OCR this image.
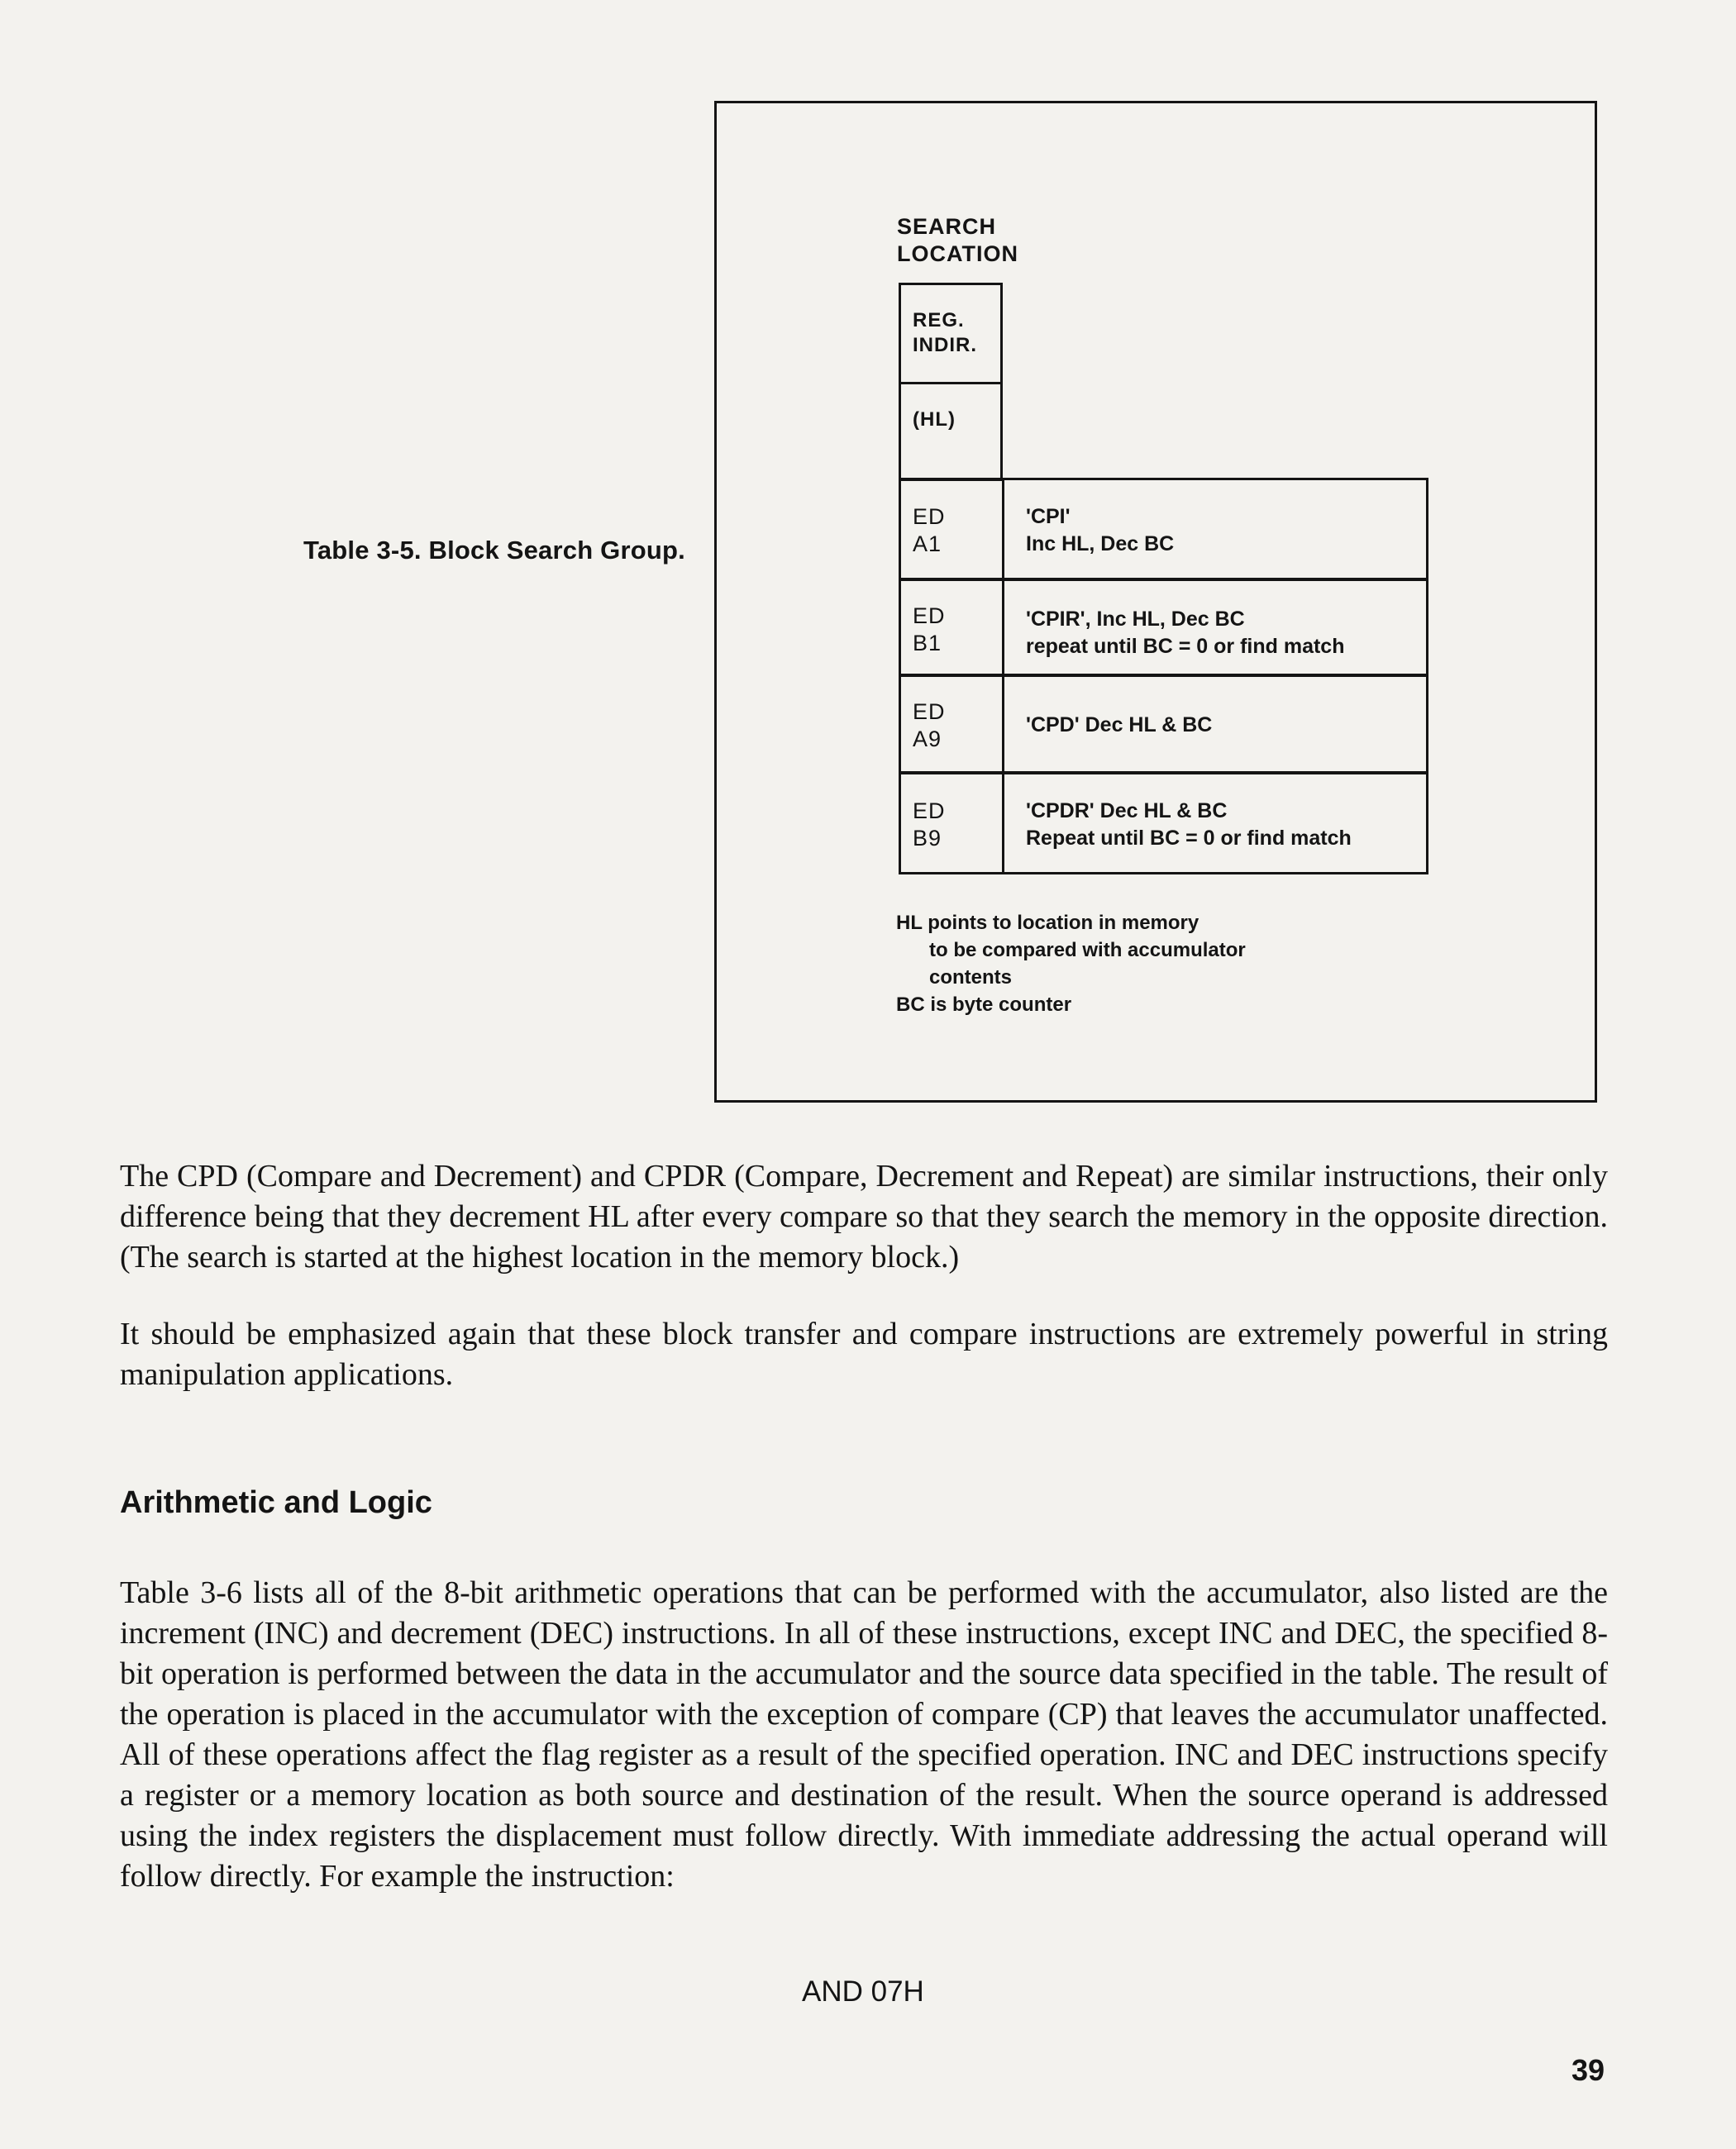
Table 3-5. Block Search Group.
SEARCH
LOCATION
REG.
INDIR.
(HL)
ED
A1
'CPI'
Inc HL, Dec BC
ED
B1
'CPIR', Inc HL, Dec BC
repeat until BC = 0 or find match
ED
A9
'CPD' Dec HL & BC
ED
B9
'CPDR' Dec HL & BC
Repeat until BC = 0 or find match
HL points to location in memory
to be compared with accumulator
contents
BC is byte counter
The CPD (Compare and Decrement) and CPDR (Compare, Decrement and Repeat) are similar instructions, their only difference being that they decrement HL after every compare so that they search the memory in the opposite direction. (The search is started at the highest location in the memory block.)
It should be emphasized again that these block transfer and compare instructions are extremely powerful in string manipulation applications.
Arithmetic and Logic
Table 3-6 lists all of the 8-bit arithmetic operations that can be performed with the accumulator, also listed are the increment (INC) and decrement (DEC) instructions. In all of these instructions, except INC and DEC, the specified 8-bit operation is performed between the data in the accumulator and the source data specified in the table. The result of the operation is placed in the accumulator with the exception of compare (CP) that leaves the accumulator unaffected. All of these operations affect the flag register as a result of the specified operation. INC and DEC instructions specify a register or a memory location as both source and destination of the result. When the source operand is addressed using the index registers the displacement must follow directly. With immediate addressing the actual operand will follow directly. For example the instruction:
AND 07H
39
